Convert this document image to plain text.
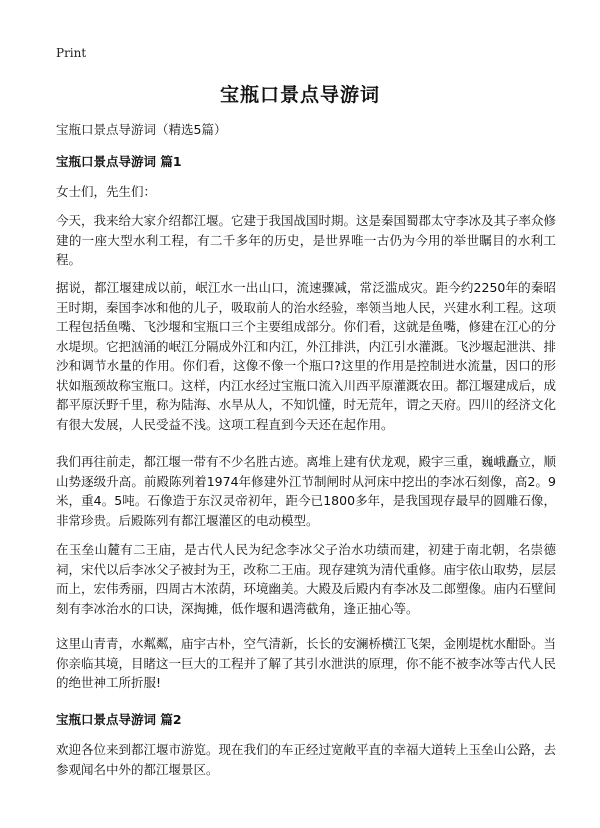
Print
宝瓶口景点导游词

宝瓶口景点导游词（精选5篇）

宝瓶口景点导游词 篇1

女士们，先生们：

今天，我来给大家介绍都江堰。它建于我国战国时期。这是秦国蜀郡太守李冰及其子率众修建的一座大型水利工程，有二千多年的历史，是世界唯一古仍为今用的举世瞩目的水利工程。

据说，都江堰建成以前，岷江水一出山口，流速骤减，常泛滥成灾。距今约2250年的秦昭王时期，秦国李冰和他的儿子，吸取前人的治水经验，率领当地人民，兴建水利工程。这项工程包括鱼嘴、飞沙堰和宝瓶口三个主要组成部分。你们看，这就是鱼嘴，修建在江心的分水堤坝。它把汹涌的岷江分隔成外江和内江，外江排洪，内江引水灌溉。飞沙堰起泄洪、排沙和调节水量的作用。你们看，这像不像一个瓶口?这里的作用是控制进水流量，因口的形状如瓶颈故称宝瓶口。这样，内江水经过宝瓶口流入川西平原灌溉农田。都江堰建成后，成都平原沃野千里，称为陆海、水旱从人，不知饥懂，时无荒年，谓之天府。四川的经济文化有很大发展，人民受益不浅。这项工程直到今天还在起作用。

我们再往前走，都江堰一带有不少名胜古迹。离堆上建有伏龙观，殿宇三重，巍峨矗立，顺山势逐级升高。前殿陈列着1974年修建外江节制闸时从河床中挖出的李冰石刻像，高2。9米，重4。5吨。石像造于东汉灵帝初年，距今已1800多年，是我国现存最早的圆雕石像，非常珍贵。后殿陈列有都江堰灌区的电动模型。

在玉垒山麓有二王庙，是古代人民为纪念李冰父子治水功绩而建，初建于南北朝，名崇德祠，宋代以后李冰父子被封为王，改称二王庙。现存建筑为清代重修。庙宇依山取势，层层而上，宏伟秀丽，四周古木浓荫，环境幽美。大殿及后殿内有李冰及二郎塑像。庙内石壁间刻有李冰治水的口诀，深掏摊，低作堰和遇湾截角，逢正抽心等。

这里山青青，水粼粼，庙宇古朴，空气清新，长长的安澜桥横江飞架，金刚堤枕水酣卧。当你亲临其境，目睹这一巨大的工程并了解了其引水泄洪的原理，你不能不被李冰等古代人民的绝世神工所折服!

宝瓶口景点导游词 篇2

欢迎各位来到都江堰市游览。现在我们的车正经过宽敞平直的幸福大道转上玉垒山公路，去参观闻名中外的都江堰景区。
